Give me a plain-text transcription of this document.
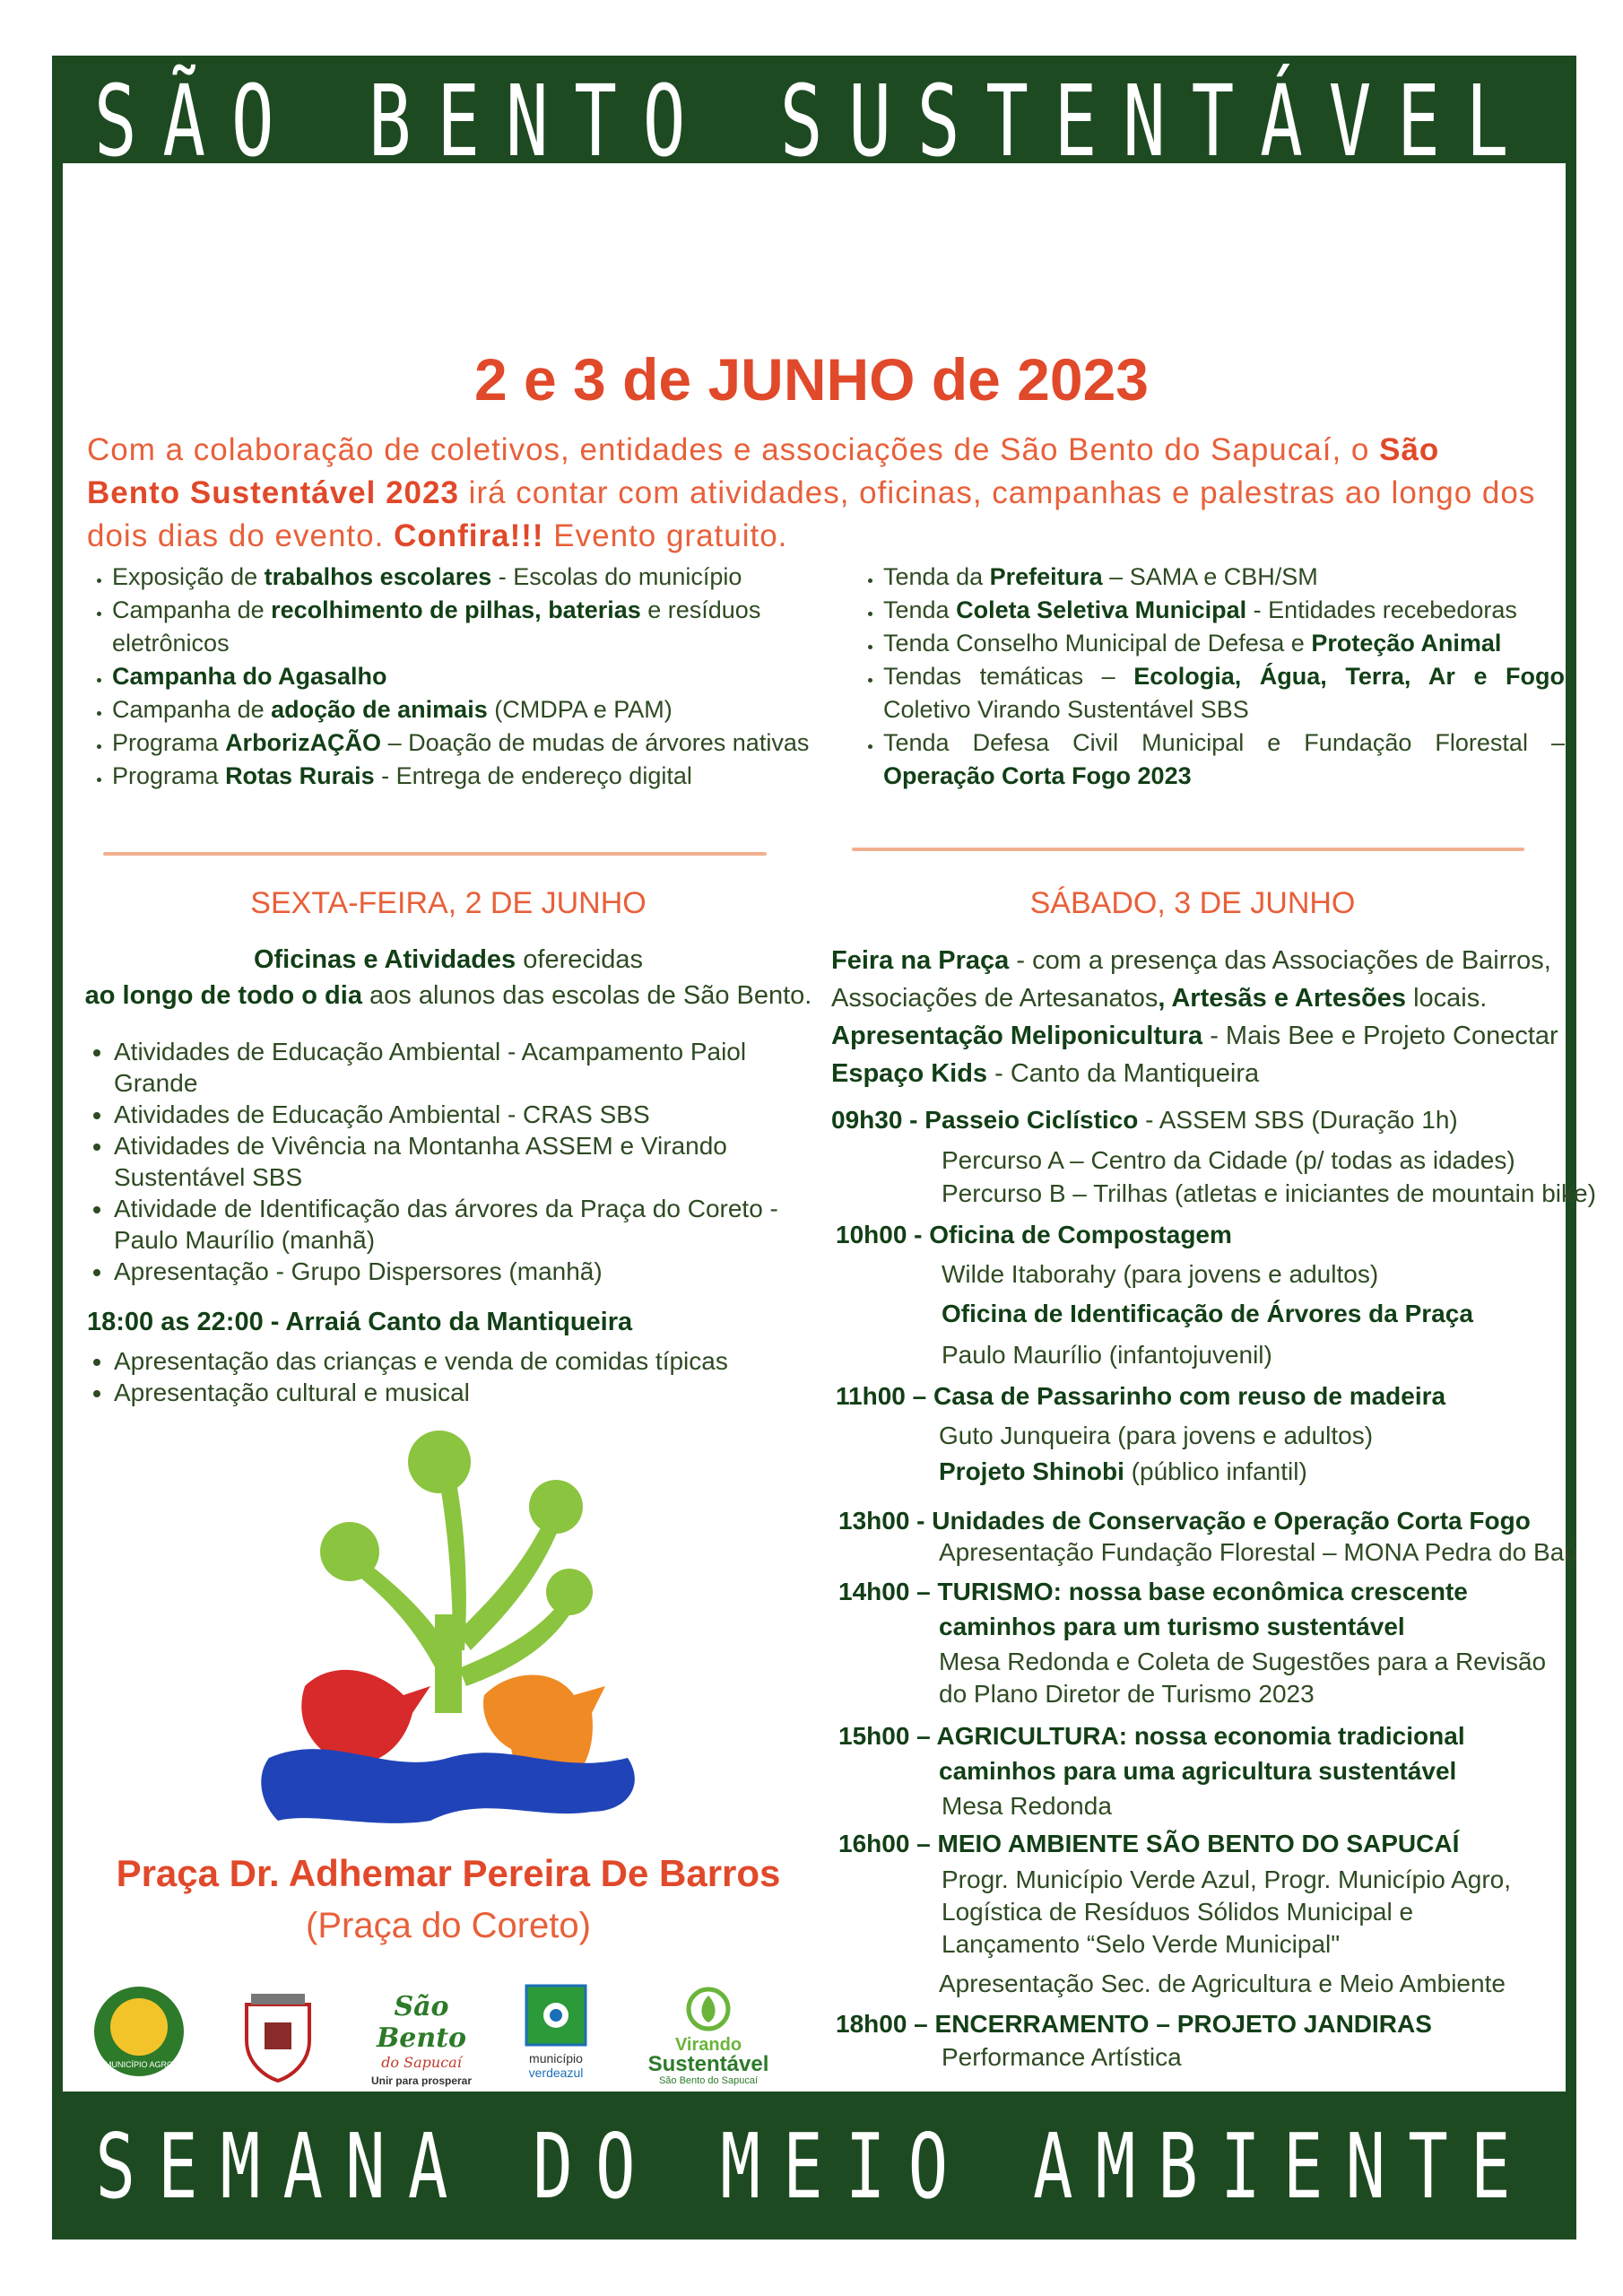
SÃO BENTO SUSTENTÁVEL
SEMANA DO MEIO AMBIENTE
2 e 3 de JUNHO de 2023
Com a colaboração de coletivos, entidades e associações de São Bento do Sapucaí, o São Bento Sustentável 2023 irá contar com atividades, oficinas, campanhas e palestras ao longo dos dois dias do evento. Confira!!! Evento gratuito.
• Exposição de trabalhos escolares - Escolas do município
• Campanha de recolhimento de pilhas, baterias e resíduos eletrônicos
• Campanha do Agasalho
• Campanha de adoção de animais (CMDPA e PAM)
• Programa ArborizAÇÃO – Doação de mudas de árvores nativas
• Programa Rotas Rurais - Entrega de endereço digital
• Tenda da Prefeitura – SAMA e CBH/SM
• Tenda Coleta Seletiva Municipal - Entidades recebedoras
• Tenda Conselho Municipal de Defesa e Proteção Animal
• Tendas temáticas – Ecologia, Água, Terra, Ar e Fogo Coletivo Virando Sustentável SBS
• Tenda Defesa Civil Municipal e Fundação Florestal – Operação Corta Fogo 2023
SEXTA-FEIRA, 2 DE JUNHO	SÁBADO, 3 DE JUNHO
Oficinas e Atividades oferecidas
ao longo de todo o dia aos alunos das escolas de São Bento.
• Atividades de Educação Ambiental - Acampamento Paiol Grande
• Atividades de Educação Ambiental - CRAS SBS
• Atividades de Vivência na Montanha ASSEM e Virando Sustentável SBS
• Atividade de Identificação das árvores da Praça do Coreto - Paulo Maurílio (manhã)
• Apresentação - Grupo Dispersores (manhã)
18:00 as 22:00 - Arraiá Canto da Mantiqueira
• Apresentação das crianças e venda de comidas típicas
• Apresentação cultural e musical
Praça Dr. Adhemar Pereira De Barros
(Praça do Coreto)
MUNICÍPIO AGRO
São Bento
do Sapucaí
Unir para prosperar
município
verdeazul
Virando
Sustentável
São Bento do Sapucaí
Feira na Praça - com a presença das Associações de Bairros, Associações de Artesanatos, Artesãs e Artesões locais.
Apresentação Meliponicultura - Mais Bee e Projeto Conectar
Espaço Kids - Canto da Mantiqueira
09h30 - Passeio Ciclístico - ASSEM SBS (Duração 1h)
Percurso A – Centro da Cidade (p/ todas as idades)
Percurso B – Trilhas (atletas e iniciantes de mountain bike)
10h00 - Oficina de Compostagem
Wilde Itaborahy (para jovens e adultos)
Oficina de Identificação de Árvores da Praça
Paulo Maurílio (infantojuvenil)
11h00 – Casa de Passarinho com reuso de madeira
Guto Junqueira (para jovens e adultos)
Projeto Shinobi (público infantil)
13h00 - Unidades de Conservação e Operação Corta Fogo
Apresentação Fundação Florestal – MONA Pedra do Baú
14h00 – TURISMO: nossa base econômica crescente
caminhos para um turismo sustentável
Mesa Redonda e Coleta de Sugestões para a Revisão
do Plano Diretor de Turismo 2023
15h00 – AGRICULTURA: nossa economia tradicional
caminhos para uma agricultura sustentável
Mesa Redonda
16h00 – MEIO AMBIENTE SÃO BENTO DO SAPUCAÍ
Progr. Município Verde Azul, Progr. Município Agro,
Logística de Resíduos Sólidos Municipal e
Lançamento “Selo Verde Municipal"
Apresentação Sec. de Agricultura e Meio Ambiente
18h00 – ENCERRAMENTO – PROJETO JANDIRAS
Performance Artística
